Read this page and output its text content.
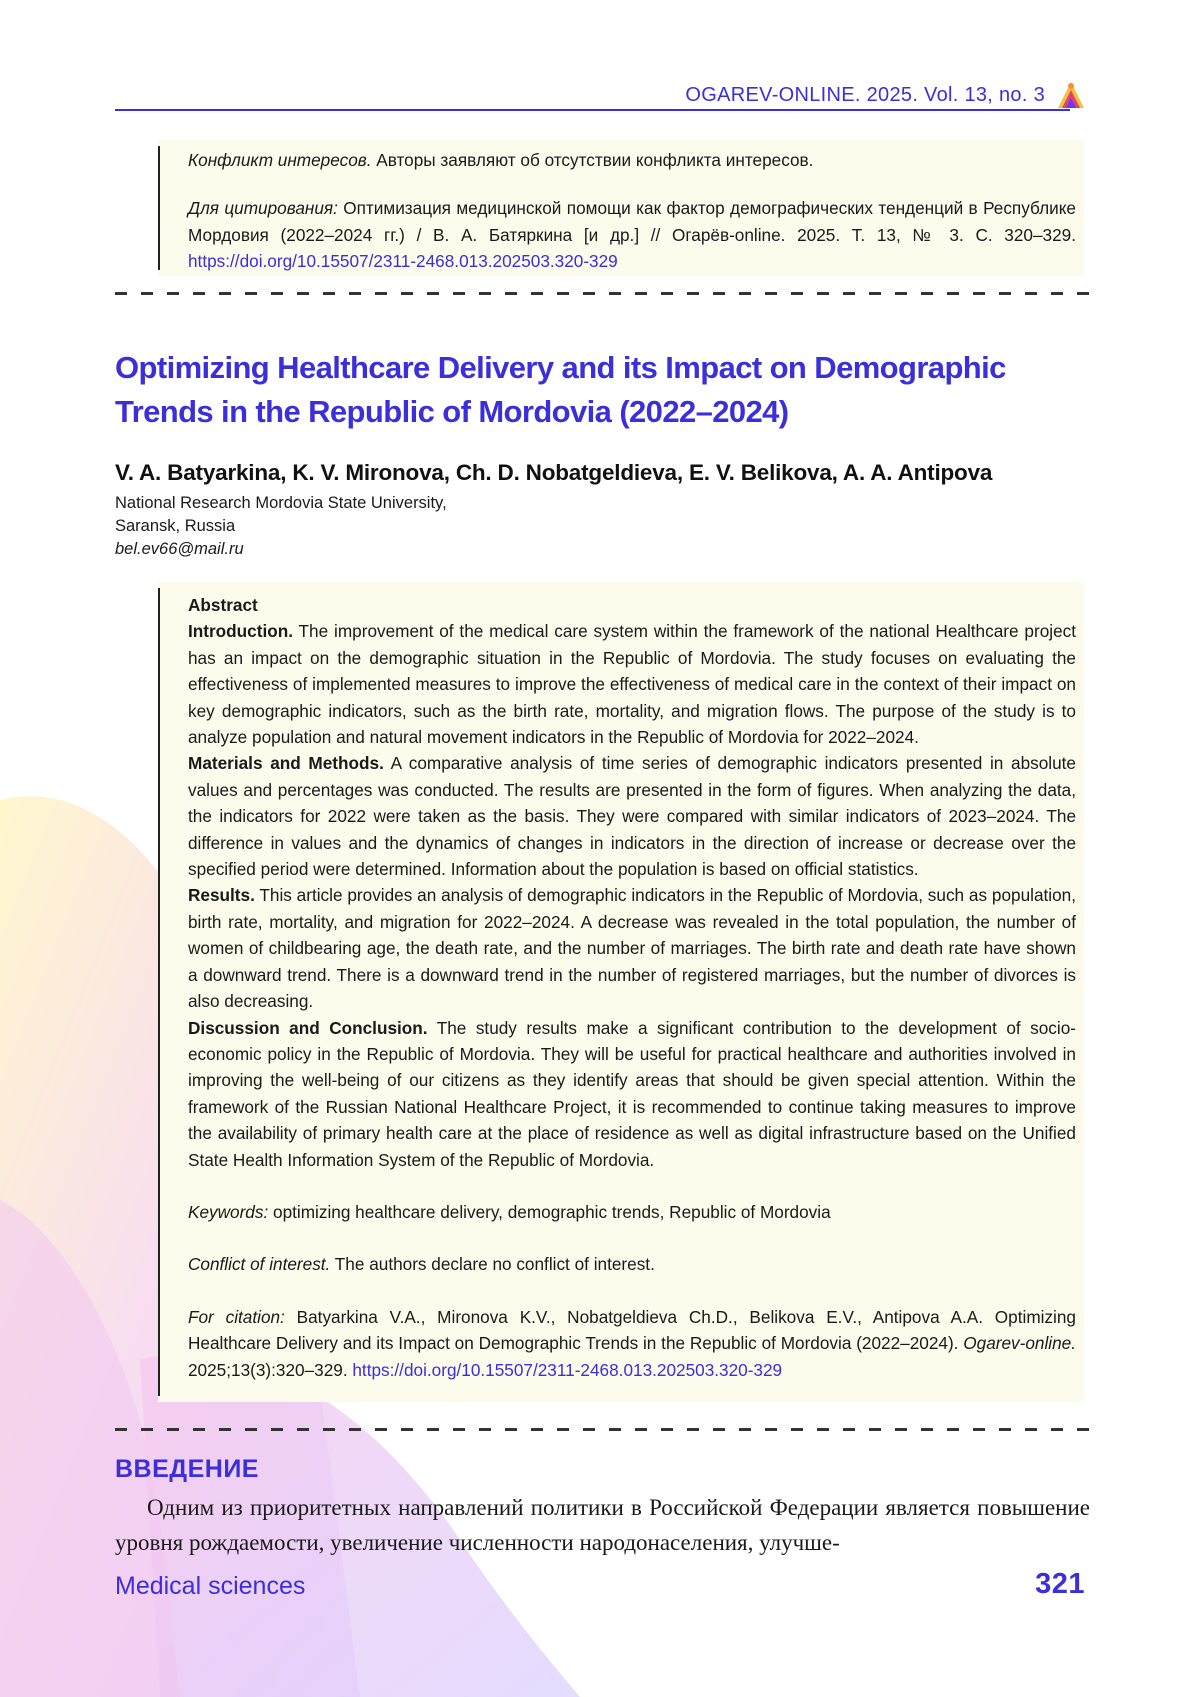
OGAREV-ONLINE. 2025. Vol. 13, no. 3

Конфликт интересов. Авторы заявляют об отсутствии конфликта интересов.

Для цитирования: Оптимизация медицинской помощи как фактор демографических тенденций в Республике Мордовия (2022–2024 гг.) / В. А. Батяркина [и др.] // Огарёв-online. 2025. Т. 13, № 3. С. 320–329. https://doi.org/10.15507/2311-2468.013.202503.320-329

Optimizing Healthcare Delivery and its Impact on Demographic Trends in the Republic of Mordovia (2022–2024)

V. A. Batyarkina, K. V. Mironova, Ch. D. Nobatgeldieva, E. V. Belikova, A. A. Antipova

National Research Mordovia State University,
Saransk, Russia
bel.ev66@mail.ru

Abstract

Introduction. The improvement of the medical care system within the framework of the national Healthcare project has an impact on the demographic situation in the Republic of Mordovia. The study focuses on evaluating the effectiveness of implemented measures to improve the effectiveness of medical care in the context of their impact on key demographic indicators, such as the birth rate, mortality, and migration flows. The purpose of the study is to analyze population and natural movement indicators in the Republic of Mordovia for 2022–2024.

Materials and Methods. A comparative analysis of time series of demographic indicators presented in absolute values and percentages was conducted. The results are presented in the form of figures. When analyzing the data, the indicators for 2022 were taken as the basis. They were compared with similar indicators of 2023–2024. The difference in values and the dynamics of changes in indicators in the direction of increase or decrease over the specified period were determined. Information about the population is based on official statistics.

Results. This article provides an analysis of demographic indicators in the Republic of Mordovia, such as population, birth rate, mortality, and migration for 2022–2024. A decrease was revealed in the total population, the number of women of childbearing age, the death rate, and the number of marriages. The birth rate and death rate have shown a downward trend. There is a downward trend in the number of registered marriages, but the number of divorces is also decreasing.

Discussion and Conclusion. The study results make a significant contribution to the development of socio-economic policy in the Republic of Mordovia. They will be useful for practical healthcare and authorities involved in improving the well-being of our citizens as they identify areas that should be given special attention. Within the framework of the Russian National Healthcare Project, it is recommended to continue taking measures to improve the availability of primary health care at the place of residence as well as digital infrastructure based on the Unified State Health Information System of the Republic of Mordovia.

Keywords: optimizing healthcare delivery, demographic trends, Republic of Mordovia

Conflict of interest. The authors declare no conflict of interest.

For citation: Batyarkina V.A., Mironova K.V., Nobatgeldieva Ch.D., Belikova E.V., Antipova A.A. Optimizing Healthcare Delivery and its Impact on Demographic Trends in the Republic of Mordovia (2022–2024). Ogarev-online. 2025;13(3):320–329. https://doi.org/10.15507/2311-2468.013.202503.320-329

ВВЕДЕНИЕ

Одним из приоритетных направлений политики в Российской Федерации является повышение уровня рождаемости, увеличение численности народонаселения, улучше-

Medical sciences	321
